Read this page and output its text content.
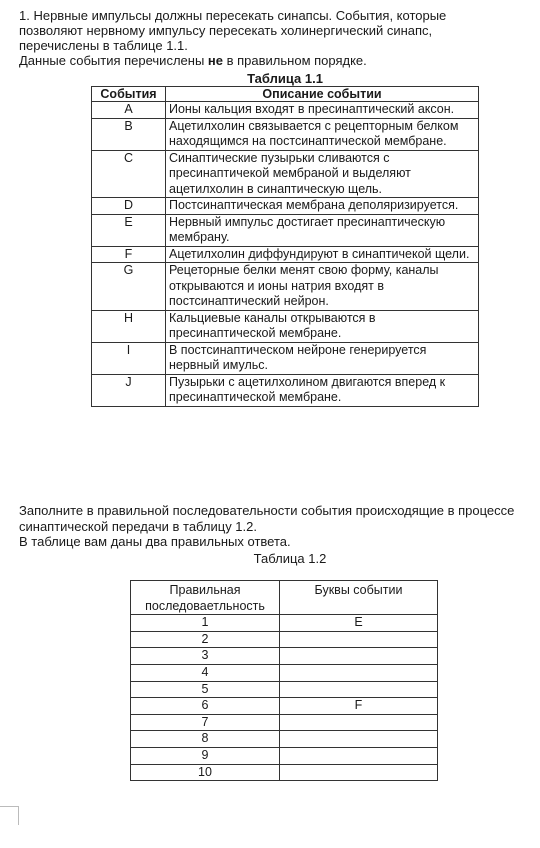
1. Нервные импульсы должны пересекать синапсы. События, которые
позволяют нервному импульсу пересекать холинергический синапс,
перечислены в таблице 1.1.
Данные события перечислены не в правильном порядке.
Таблица 1.1
События	Описание событии
A	Ионы кальция входят в пресинаптический аксон.
B	Ацетилхолин связывается с рецепторным белком находящимся на постсинаптической мембране.
C	Синаптические пузырьки сливаются с пресинаптичекой мембраной и выделяют ацетилхолин в синаптическую щель.
D	Постсинаптическая мембрана деполяризируется.
E	Нервный импульс достигает пресинаптическую мембрану.
F	Ацетилхолин диффундируют в синаптичекой щели.
G	Рецеторные белки менят свою форму, каналы открываются и ионы натрия входят в постсинаптический нейрон.
H	Кальциевые каналы открываются в пресинаптической мембране.
I	В постсинаптическом нейроне генерируется нервный имульс.
J	Пузырьки с ацетилхолином двигаются вперед к пресинаптической мембране.
Заполните в правильной последовательности события происходящие в процессе
синаптической передачи в таблицу 1.2.
В таблице вам даны два правильных ответа.
Таблица 1.2
Правильная
последоваетльность	Буквы событии
1	E
2	
3	
4	
5	
6	F
7	
8	
9	
10	
